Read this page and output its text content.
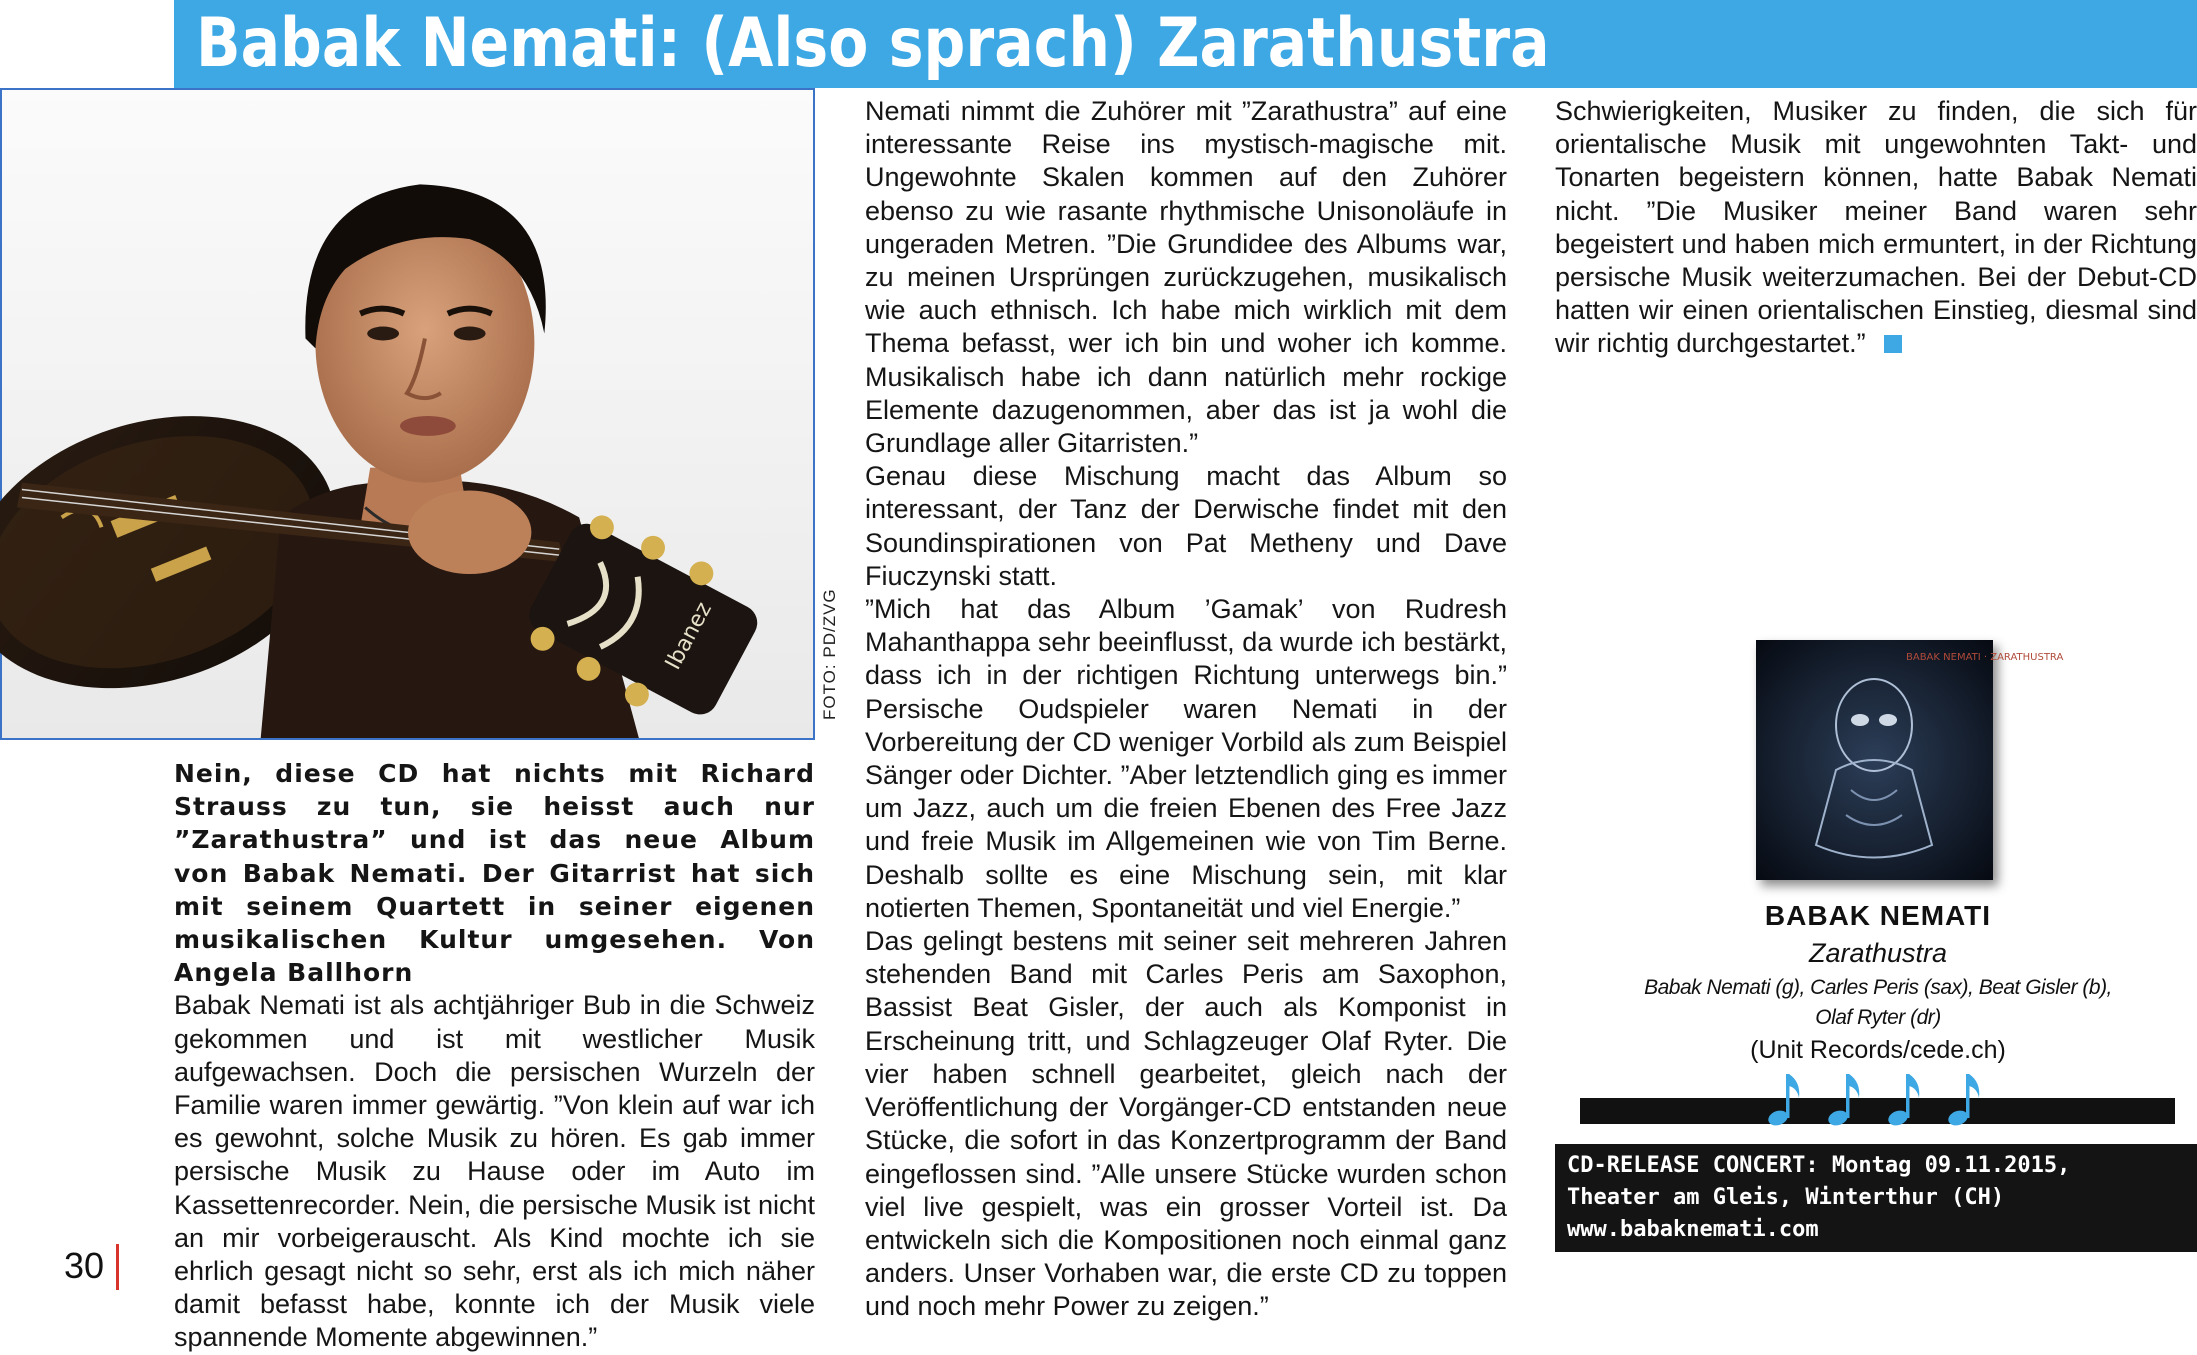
Babak Nemati: (Also sprach) Zarathustra
Ibanez	FOTO: PD/ZVG

Nein, diese CD hat nichts mit Richard Strauss zu tun, sie heisst auch nur ”Zarathustra” und ist das neue Album von Babak Nemati. Der Gitarrist hat sich mit seinem Quartett in seiner eigenen musikalischen Kultur umgesehen. Von Angela Ballhorn

Babak Nemati ist als achtjähriger Bub in die Schweiz gekommen und ist mit westlicher Musik aufgewachsen. Doch die persischen Wurzeln der Familie waren immer gewärtig. ”Von klein auf war ich es gewohnt, solche Musik zu hören. Es gab immer persische Musik zu Hause oder im Auto im Kassettenrecorder. Nein, die persische Musik ist nicht an mir vorbeigerauscht. Als Kind mochte ich sie ehrlich gesagt nicht so sehr, erst als ich mich näher damit befasst habe, konnte ich der Musik viele spannende Momente abgewinnen.”

Nemati nimmt die Zuhörer mit ”Zarathustra” auf eine interessante Reise ins mystisch-magische mit. Ungewohnte Skalen kommen auf den Zuhörer ebenso zu wie rasante rhythmische Unisonoläufe in ungeraden Metren. ”Die Grundidee des Albums war, zu meinen Ursprüngen zurückzugehen, musikalisch wie auch ethnisch. Ich habe mich wirklich mit dem Thema befasst, wer ich bin und woher ich komme. Musikalisch habe ich dann natürlich mehr rockige Elemente dazugenommen, aber das ist ja wohl die Grundlage aller Gitarristen.”

Genau diese Mischung macht das Album so interessant, der Tanz der Derwische findet mit den Soundinspirationen von Pat Metheny und Dave Fiuczynski statt.

”Mich hat das Album ’Gamak’ von Rudresh Mahanthappa sehr beeinflusst, da wurde ich bestärkt, dass ich in der richtigen Richtung unterwegs bin.” Persische Oudspieler waren Nemati in der Vorbereitung der CD weniger Vorbild als zum Beispiel Sänger oder Dichter. ”Aber letztendlich ging es immer um Jazz, auch um die freien Ebenen des Free Jazz und freie Musik im Allgemeinen wie von Tim Berne. Deshalb sollte es eine Mischung sein, mit klar notierten Themen, Spontaneität und viel Energie.”

Das gelingt bestens mit seiner seit mehreren Jahren stehenden Band mit Carles Peris am Saxophon, Bassist Beat Gisler, der auch als Komponist in Erscheinung tritt, und Schlagzeuger Olaf Ryter. Die vier haben schnell gearbeitet, gleich nach der Veröffentlichung der Vorgänger-CD entstanden neue Stücke, die sofort in das Konzertprogramm der Band eingeflossen sind. ”Alle unsere Stücke wurden schon viel live gespielt, was ein grosser Vorteil ist. Da entwickeln sich die Kompositionen noch einmal ganz anders. Unser Vorhaben war, die erste CD zu toppen und noch mehr Power zu zeigen.”

Schwierigkeiten, Musiker zu finden, die sich für orientalische Musik mit ungewohnten Takt- und Tonarten begeistern können, hatte Babak Nemati nicht. ”Die Musiker meiner Band waren sehr begeistert und haben mich ermuntert, in der Richtung persische Musik weiterzumachen. Bei der Debut-CD hatten wir einen orientalischen Einstieg, diesmal sind wir richtig durchgestartet.”

30
BABAK NEMATI · ZARATHUSTRA
BABAK NEMATI
Zarathustra
Babak Nemati (g), Carles Peris (sax), Beat Gisler (b),
Olaf Ryter (dr)
(Unit Records/cede.ch)
CD-RELEASE CONCERT: Montag 09.11.2015,
Theater am Gleis, Winterthur (CH)
www.babaknemati.com
